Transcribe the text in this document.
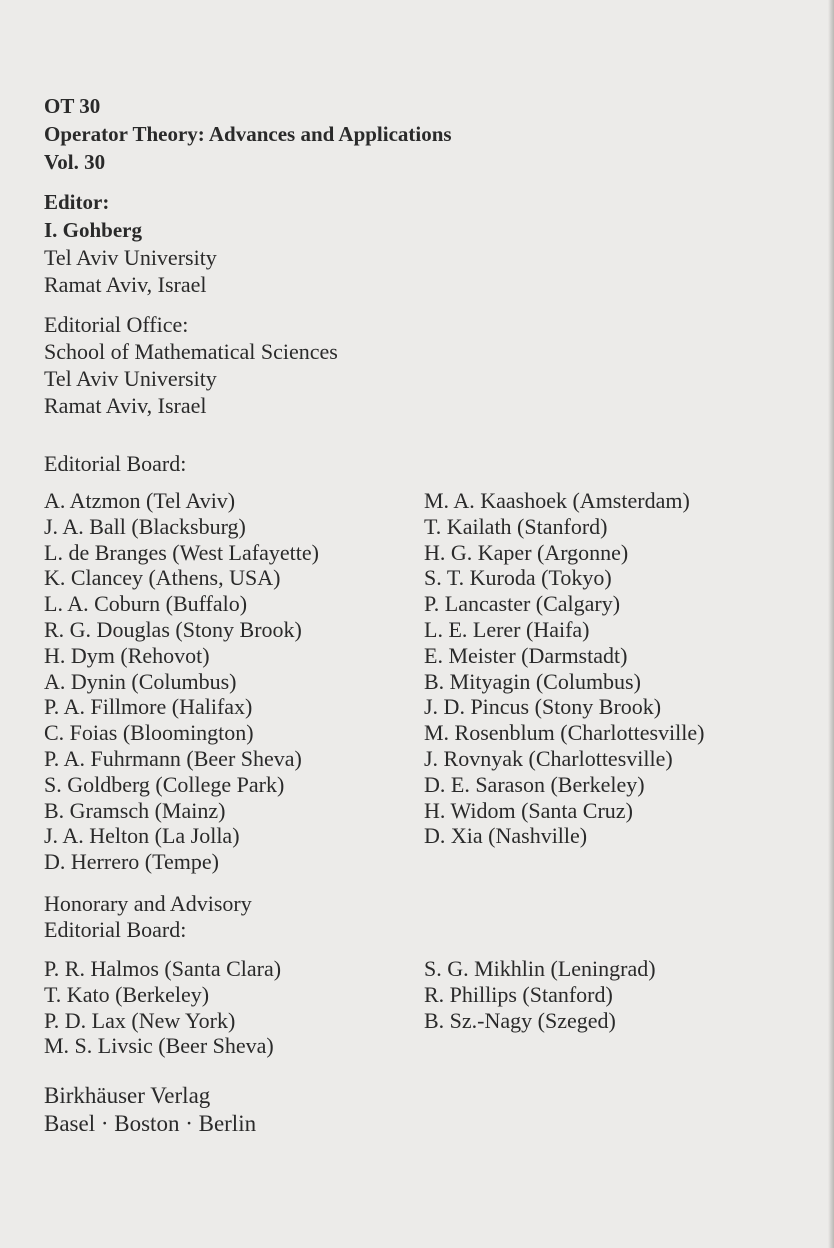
OT 30
Operator Theory: Advances and Applications
Vol. 30
Editor:
I. Gohberg
Tel Aviv University
Ramat Aviv, Israel
Editorial Office:
School of Mathematical Sciences
Tel Aviv University
Ramat Aviv, Israel
Editorial Board:
A. Atzmon (Tel Aviv)
J. A. Ball (Blacksburg)
L. de Branges (West Lafayette)
K. Clancey (Athens, USA)
L. A. Coburn (Buffalo)
R. G. Douglas (Stony Brook)
H. Dym (Rehovot)
A. Dynin (Columbus)
P. A. Fillmore (Halifax)
C. Foias (Bloomington)
P. A. Fuhrmann (Beer Sheva)
S. Goldberg (College Park)
B. Gramsch (Mainz)
J. A. Helton (La Jolla)
D. Herrero (Tempe)
M. A. Kaashoek (Amsterdam)
T. Kailath (Stanford)
H. G. Kaper (Argonne)
S. T. Kuroda (Tokyo)
P. Lancaster (Calgary)
L. E. Lerer (Haifa)
E. Meister (Darmstadt)
B. Mityagin (Columbus)
J. D. Pincus (Stony Brook)
M. Rosenblum (Charlottesville)
J. Rovnyak (Charlottesville)
D. E. Sarason (Berkeley)
H. Widom (Santa Cruz)
D. Xia (Nashville)
Honorary and Advisory
Editorial Board:
P. R. Halmos (Santa Clara)
T. Kato (Berkeley)
P. D. Lax (New York)
M. S. Livsic (Beer Sheva)
S. G. Mikhlin (Leningrad)
R. Phillips (Stanford)
B. Sz.-Nagy (Szeged)
Birkhäuser Verlag
Basel · Boston · Berlin
